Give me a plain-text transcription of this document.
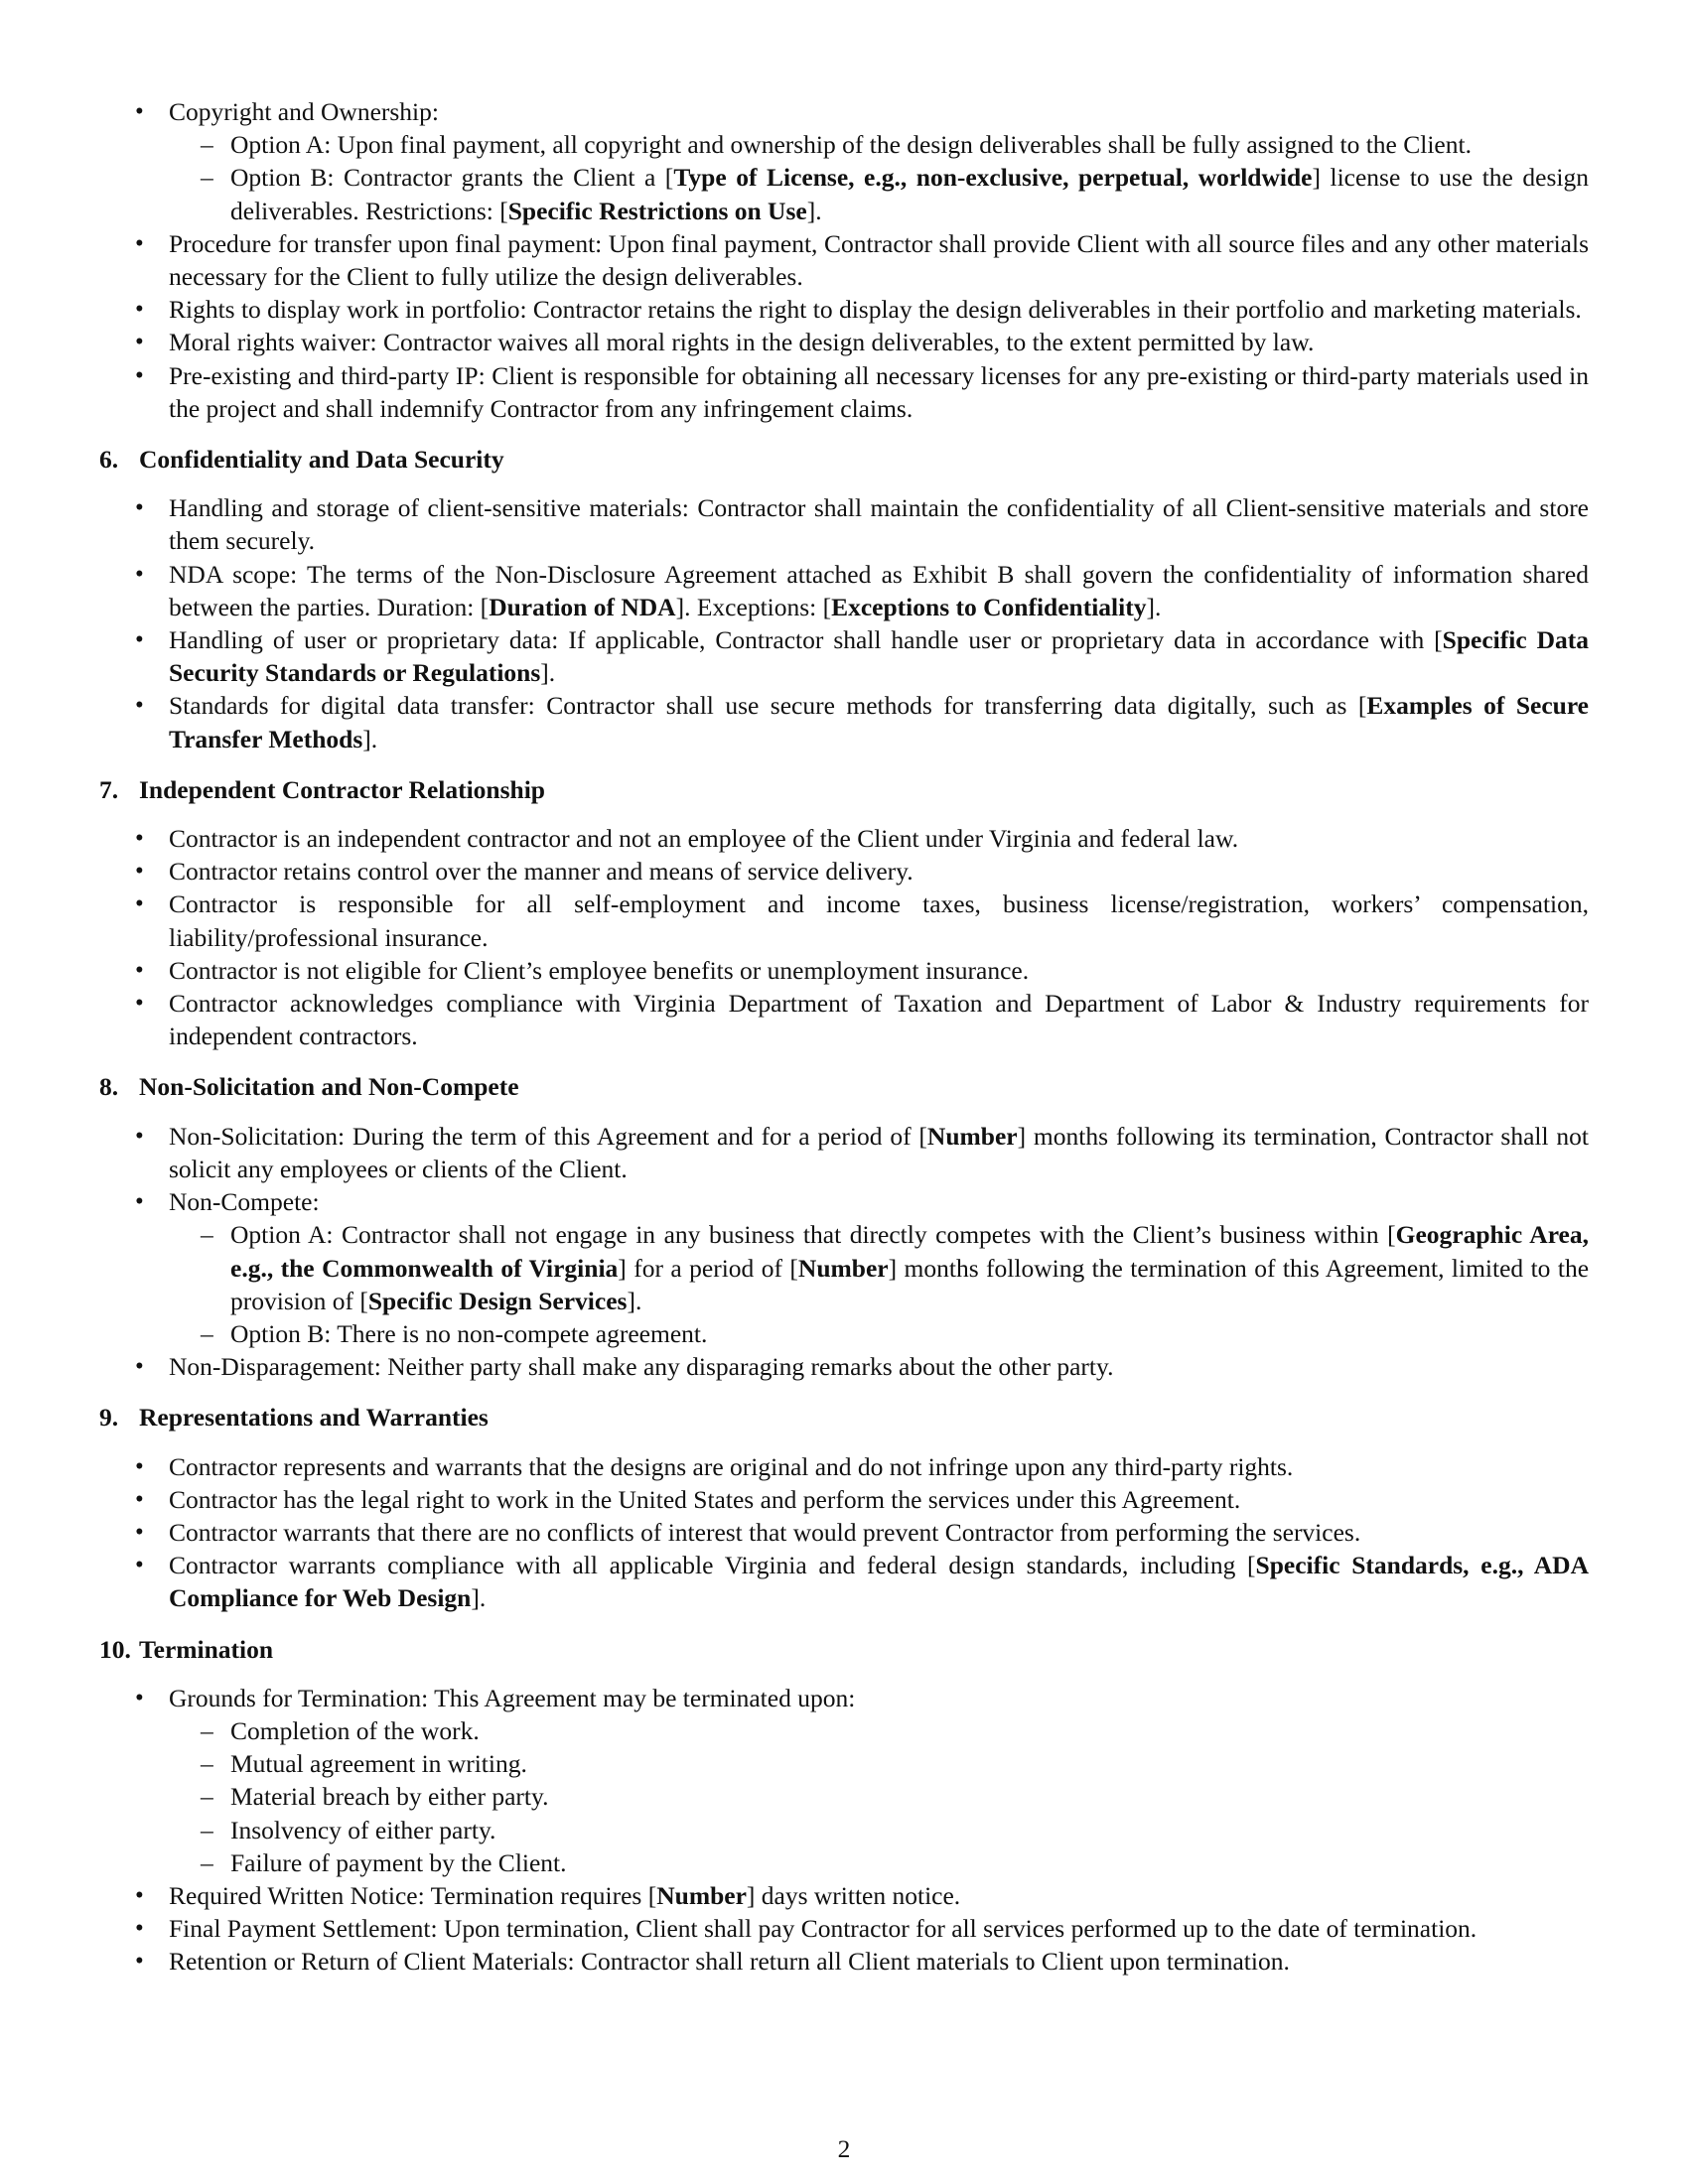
• Copyright and Ownership:
– Option A: Upon final payment, all copyright and ownership of the design deliverables shall be fully assigned to the Client.
– Option B: Contractor grants the Client a [Type of License, e.g., non-exclusive, perpetual, worldwide] license to use the design deliverables. Restrictions: [Specific Restrictions on Use].
• Procedure for transfer upon final payment: Upon final payment, Contractor shall provide Client with all source files and any other materials necessary for the Client to fully utilize the design deliverables.
• Rights to display work in portfolio: Contractor retains the right to display the design deliverables in their portfolio and marketing materials.
• Moral rights waiver: Contractor waives all moral rights in the design deliverables, to the extent permitted by law.
• Pre-existing and third-party IP: Client is responsible for obtaining all necessary licenses for any pre-existing or third-party materials used in the project and shall indemnify Contractor from any infringement claims.
6. Confidentiality and Data Security
• Handling and storage of client-sensitive materials: Contractor shall maintain the confidentiality of all Client-sensitive materials and store them securely.
• NDA scope: The terms of the Non-Disclosure Agreement attached as Exhibit B shall govern the confidentiality of information shared between the parties. Duration: [Duration of NDA]. Exceptions: [Exceptions to Confidentiality].
• Handling of user or proprietary data: If applicable, Contractor shall handle user or proprietary data in accordance with [Specific Data Security Standards or Regulations].
• Standards for digital data transfer: Contractor shall use secure methods for transferring data digitally, such as [Examples of Secure Transfer Methods].
7. Independent Contractor Relationship
• Contractor is an independent contractor and not an employee of the Client under Virginia and federal law.
• Contractor retains control over the manner and means of service delivery.
• Contractor is responsible for all self-employment and income taxes, business license/registration, workers’ compensation, liability/professional insurance.
• Contractor is not eligible for Client’s employee benefits or unemployment insurance.
• Contractor acknowledges compliance with Virginia Department of Taxation and Department of Labor & Industry requirements for independent contractors.
8. Non-Solicitation and Non-Compete
• Non-Solicitation: During the term of this Agreement and for a period of [Number] months following its termination, Contractor shall not solicit any employees or clients of the Client.
• Non-Compete:
– Option A: Contractor shall not engage in any business that directly competes with the Client’s business within [Geographic Area, e.g., the Commonwealth of Virginia] for a period of [Number] months following the termination of this Agreement, limited to the provision of [Specific Design Services].
– Option B: There is no non-compete agreement.
• Non-Disparagement: Neither party shall make any disparaging remarks about the other party.
9. Representations and Warranties
• Contractor represents and warrants that the designs are original and do not infringe upon any third-party rights.
• Contractor has the legal right to work in the United States and perform the services under this Agreement.
• Contractor warrants that there are no conflicts of interest that would prevent Contractor from performing the services.
• Contractor warrants compliance with all applicable Virginia and federal design standards, including [Specific Standards, e.g., ADA Compliance for Web Design].
10. Termination
• Grounds for Termination: This Agreement may be terminated upon:
– Completion of the work.
– Mutual agreement in writing.
– Material breach by either party.
– Insolvency of either party.
– Failure of payment by the Client.
• Required Written Notice: Termination requires [Number] days written notice.
• Final Payment Settlement: Upon termination, Client shall pay Contractor for all services performed up to the date of termination.
• Retention or Return of Client Materials: Contractor shall return all Client materials to Client upon termination.
2
